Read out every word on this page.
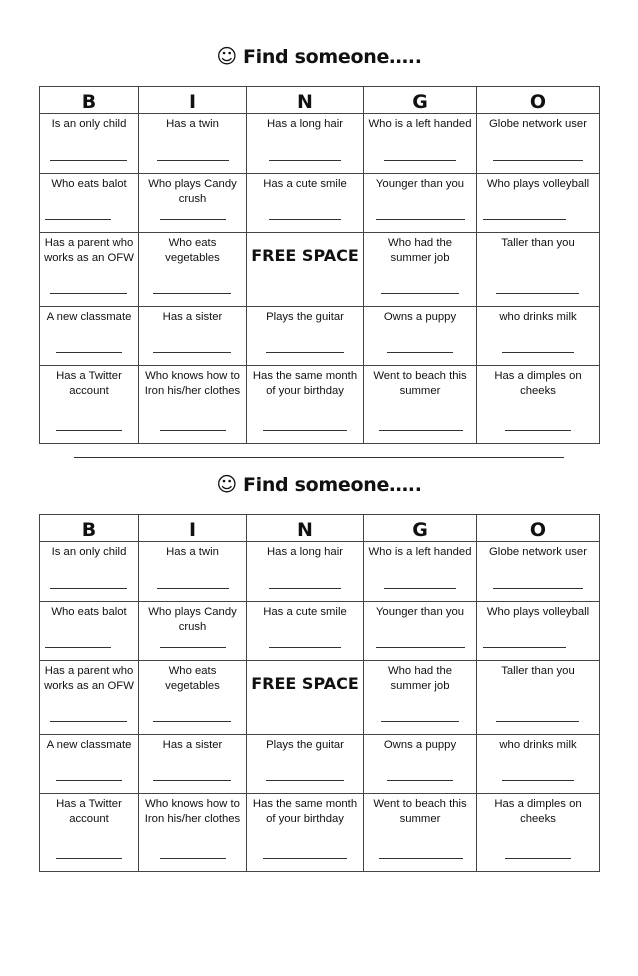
☺ Find someone…..
B	I	N	G	O

Is an only child	Has a twin	Has a long hair	Who is a left handed	Globe network user

Who eats balot	Who plays Candy crush	Has a cute smile	Younger than you	Who plays volleyball

Has a parent who works as an OFW	Who eats vegetables	FREE SPACE	Who had the summer job	Taller than you

A new classmate	Has a sister	Plays the guitar	Owns a puppy	who drinks milk

Has a Twitter account	Who knows how to Iron his/her clothes	Has the same month of your birthday	Went to beach this summer	Has a dimples on cheeks
☺ Find someone…..
B	I	N	G	O

Is an only child	Has a twin	Has a long hair	Who is a left handed	Globe network user

Who eats balot	Who plays Candy crush	Has a cute smile	Younger than you	Who plays volleyball

Has a parent who works as an OFW	Who eats vegetables	FREE SPACE	Who had the summer job	Taller than you

A new classmate	Has a sister	Plays the guitar	Owns a puppy	who drinks milk

Has a Twitter account	Who knows how to Iron his/her clothes	Has the same month of your birthday	Went to beach this summer	Has a dimples on cheeks
